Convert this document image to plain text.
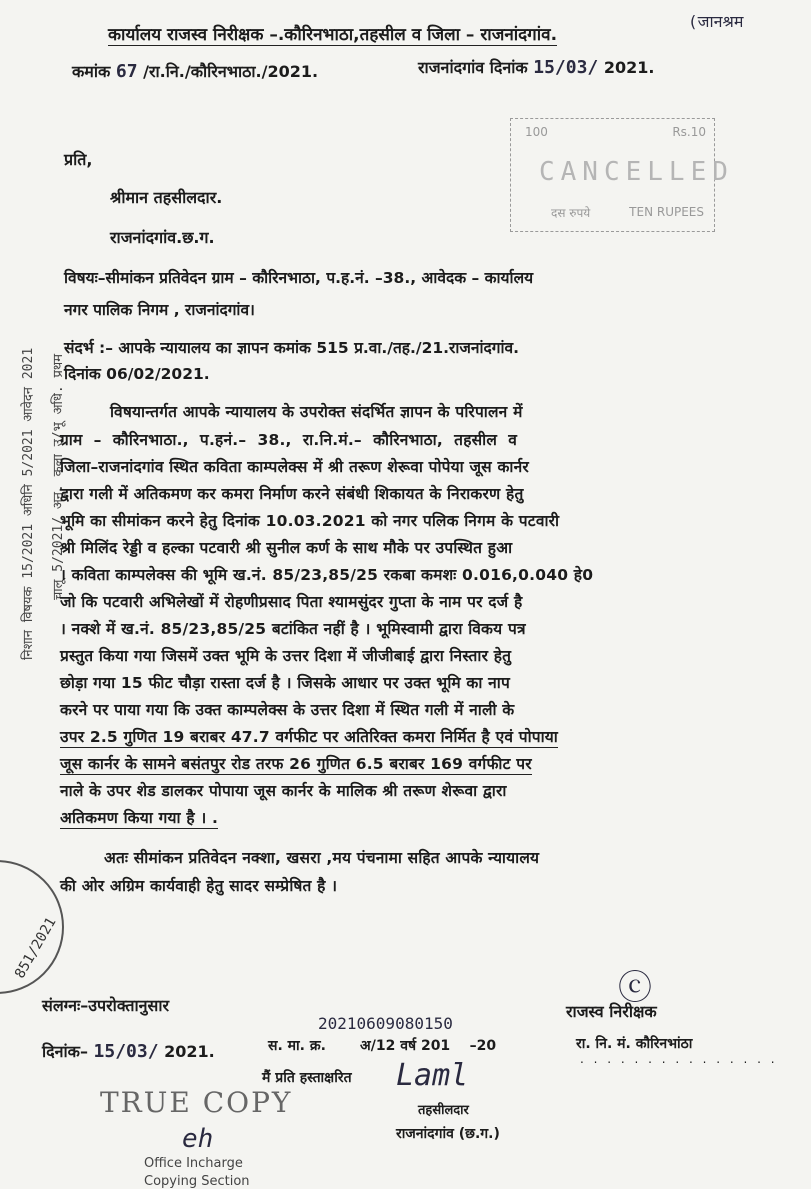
निशान विषयक 15/2021 अधिनि 5/2021 आवेदन 2021 चालू 5/2021/ अनु. कला उ/भू अधि. प्रथम
851/2021
कार्यालय राजस्व निरीक्षक –.कौरिनभाठा,तहसील व जिला – राजनांदगांव.
(जानश्रम
कमांक 67 /रा.नि./कौरिनभाठा./2021.	राजनांदगांव दिनांक 15/03/ 2021.
100	Rs.10
CANCELLED
दस रुपये	TEN RUPEES
प्रति,
श्रीमान तहसीलदार.
राजनांदगांव.छ.ग.
विषयः–सीमांकन प्रतिवेदन ग्राम – कौरिनभाठा, प.ह.नं. –38., आवेदक – कार्यालय
नगर पालिक निगम , राजनांदगांव।
संदर्भ :– आपके न्यायालय का ज्ञापन कमांक 515 प्र.वा./तह./21.राजनांदगांव.
दिनांक 06/02/2021.
विषयान्तर्गत आपके न्यायालय के उपरोक्त संदर्भित ज्ञापन के परिपालन में
ग्राम  –  कौरिनभाठा.,  प.हनं.–  38.,  रा.नि.मं.–  कौरिनभाठा,  तहसील  व
जिला–राजनांदगांव स्थित कविता काम्पलेक्स में श्री तरूण शेरूवा पोपेया जूस कार्नर
द्वारा गली में अतिकमण कर कमरा निर्माण करने संबंधी शिकायत के निराकरण हेतु
भूमि का सीमांकन करने हेतु दिनांक 10.03.2021 को नगर पलिक निगम के पटवारी
श्री मिलिंद रेड्डी व हल्का पटवारी श्री सुनील कर्ण के साथ मौके पर उपस्थित हुआ
। कविता काम्पलेक्स की भूमि ख.नं. 85/23,85/25 रकबा कमशः 0.016,0.040 हे0
जो कि पटवारी अभिलेखों में रोहणीप्रसाद पिता श्यामसुंदर गुप्ता के नाम पर दर्ज है
। नक्शे में ख.नं. 85/23,85/25 बटांकित नहीं है । भूमिस्वामी द्वारा विकय पत्र
प्रस्तुत किया गया जिसमें उक्त भूमि के उत्तर दिशा में जीजीबाई द्वारा निस्तार हेतु
छोड़ा गया 15 फीट चौड़ा रास्ता दर्ज है । जिसके आधार पर उक्त भूमि का नाप
करने पर पाया गया कि उक्त काम्पलेक्स के उत्तर दिशा में स्थित गली में नाली के
उपर 2.5 गुणित 19 बराबर 47.7 वर्गफीट पर अतिरिक्त कमरा निर्मित है एवं पोपाया
जूस कार्नर के सामने बसंतपुर रोड तरफ 26 गुणित 6.5 बराबर 169 वर्गफीट पर
नाले के उपर शेड डालकर पोपाया जूस कार्नर के मालिक श्री तरूण शेरूवा द्वारा
अतिकमण किया गया है । .
अतः सीमांकन प्रतिवेदन नक्शा, खसरा ,मय पंचनामा सहित आपके न्यायालय
की ओर अग्रिम कार्यवाही हेतु सादर सम्प्रेषित है ।
ⓒ
राजस्व निरीक्षक
रा. नि. मं. कौरिनभांठा
. . . . . . . . . . . . . . .
संलग्नः–उपरोक्तानुसार
दिनांक– 15/03/ 2021.
20210609080150
स. मा. क्र.       अ/12 वर्ष 201    –20
मैं प्रति हस्ताक्षरित Laml
तहसीलदार
राजनांदगांव (छ.ग.)
TRUE COPY
eh
Office Incharge
Copying Section
